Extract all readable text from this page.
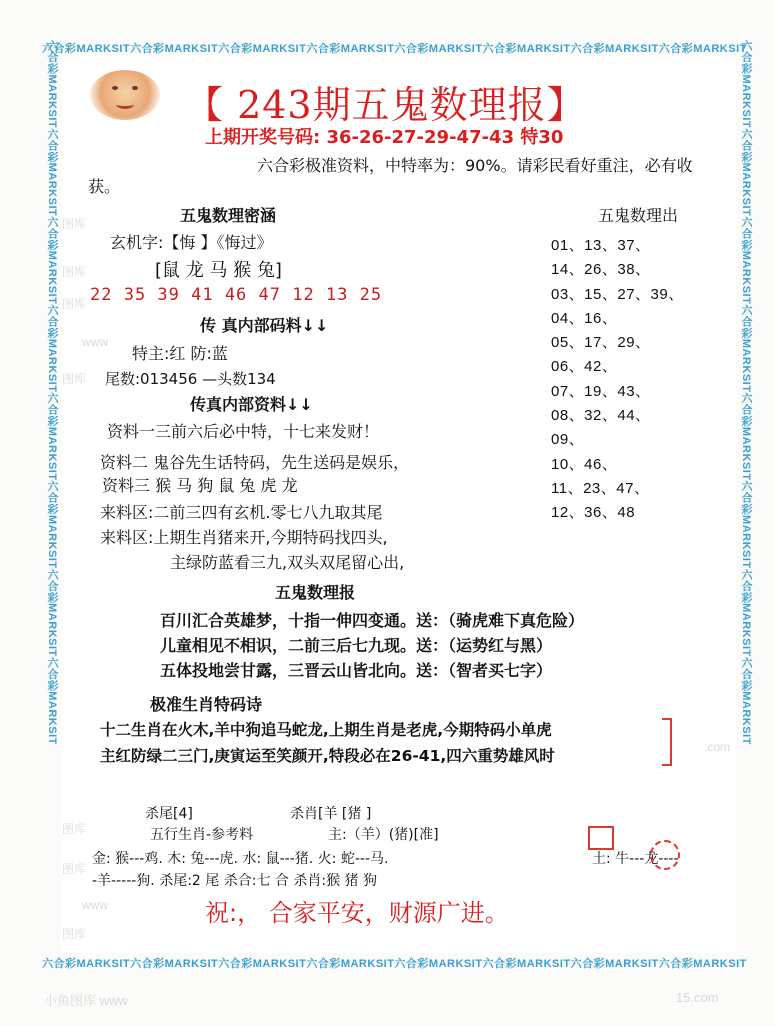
六合彩MARKSIT六合彩MARKSIT六合彩MARKSIT六合彩MARKSIT六合彩MARKSIT六合彩MARKSIT六合彩MARKSIT六合彩MARKSIT
六合彩MARKSIT六合彩MARKSIT六合彩MARKSIT六合彩MARKSIT六合彩MARKSIT六合彩MARKSIT六合彩MARKSIT六合彩MARKSIT
六合彩MARKSIT六合彩MARKSIT六合彩MARKSIT六合彩MARKSIT六合彩MARKSIT六合彩MARKSIT六合彩MARKSIT六合彩MARKSIT	六合彩MARKSIT六合彩MARKSIT六合彩MARKSIT六合彩MARKSIT六合彩MARKSIT六合彩MARKSIT六合彩MARKSIT六合彩MARKSIT
图库
图库
图库
www
图库
图库
图库
www
图库
.com
小鱼图库 www	15.com
【 243期五鬼数理报】
上期开奖号码: 36-26-27-29-47-43 特30
六合彩极准资料，中特率为：90%。请彩民看好重注，必有收
获。
五鬼数理密涵
玄机字:【悔 】《悔过》
[鼠 龙 马 猴 兔]
22 35 39 41 46 47 12 13 25
传 真内部码料↓↓
特主:红 防:蓝
尾数:013456 —头数134
传真内部资料↓↓
资料一三前六后必中特，十七来发财！
资料二 鬼谷先生话特码，先生送码是娱乐，
资料三 猴 马 狗 鼠 兔 虎 龙
来料区:二前三四有玄机.零七八九取其尾
来料区:上期生肖猪来开,今期特码找四头,
主绿防蓝看三九,双头双尾留心出,
五鬼数理出
01、13、37、
14、26、38、
03、15、27、39、
04、16、
05、17、29、
06、42、
07、19、43、
08、32、44、
09、
10、46、
11、23、47、
12、36、48
五鬼数理报
百川汇合英雄梦，十指一伸四变通。送：（骑虎难下真危险）
儿童相见不相识，二前三后七九现。送：（运势红与黑）
五体投地尝甘露，三晋云山皆北向。送：（智者买七字）
极准生肖特码诗
十二生肖在火木,羊中狗追马蛇龙,上期生肖是老虎,今期特码小单虎
主红防绿二三门,庚寅运至笑颜开,特段必在26-41,四六重势雄风时
杀尾[4]	杀肖[羊 [猪 ]
五行生肖-参考料	主:（羊）(猪)[准]
金: 猴---鸡. 木: 兔---虎. 水: 鼠---猪. 火: 蛇---马.	土: 牛---龙----
-羊-----狗. 杀尾:2 尾 杀合:七 合 杀肖:猴 猪 狗
祝:， 合家平安，财源广进。
